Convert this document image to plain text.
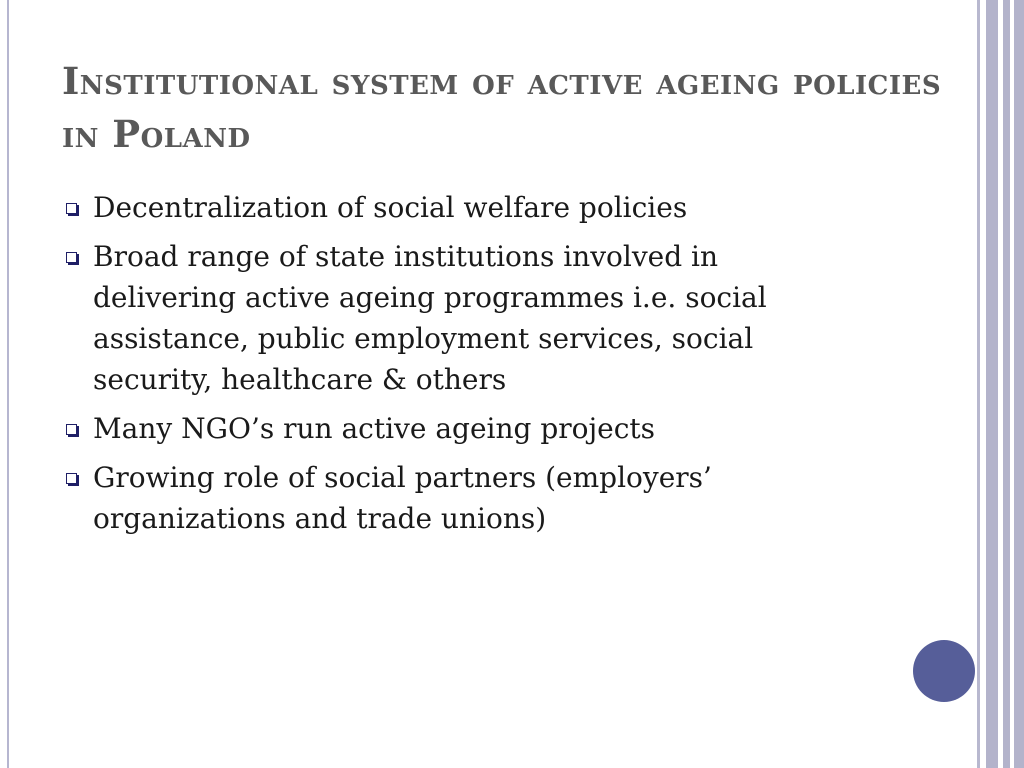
Institutional system of active ageing policies in Poland
Decentralization of social welfare policies
Broad range of state institutions involved in delivering active ageing programmes i.e. social assistance, public employment services, social security, healthcare & others
Many NGO’s run active ageing projects
Growing role of social partners (employers’ organizations and trade unions)
